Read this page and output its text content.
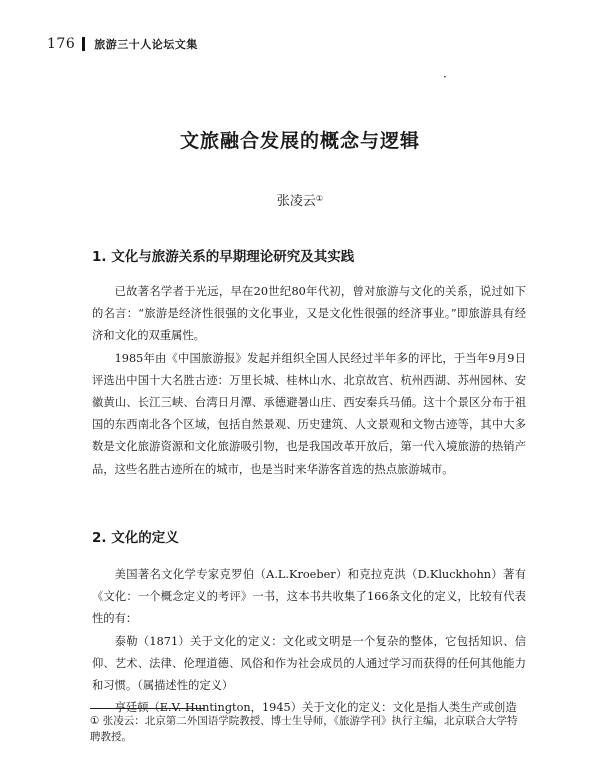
176 旅游三十人论坛文集
·
文旅融合发展的概念与逻辑
张凌云①
1. 文化与旅游关系的早期理论研究及其实践

已故著名学者于光远，早在20世纪80年代初，曾对旅游与文化的关系，说过如下的名言：“旅游是经济性很强的文化事业，又是文化性很强的经济事业。”即旅游具有经济和文化的双重属性。

1985年由《中国旅游报》发起并组织全国人民经过半年多的评比，于当年9月9日评选出中国十大名胜古迹：万里长城、桂林山水、北京故宫、杭州西湖、苏州园林、安徽黄山、长江三峡、台湾日月潭、承德避暑山庄、西安秦兵马俑。这十个景区分布于祖国的东西南北各个区域，包括自然景观、历史建筑、人文景观和文物古迹等，其中大多数是文化旅游资源和文化旅游吸引物，也是我国改革开放后，第一代入境旅游的热销产品，这些名胜古迹所在的城市，也是当时来华游客首选的热点旅游城市。

2. 文化的定义

美国著名文化学专家克罗伯（A.L.Kroeber）和克拉克洪（D.Kluckhohn）著有《文化：一个概念定义的考评》一书，这本书共收集了166条文化的定义，比较有代表性的有：

泰勒（1871）关于文化的定义：文化或文明是一个复杂的整体，它包括知识、信仰、艺术、法律、伦理道德、风俗和作为社会成员的人通过学习而获得的任何其他能力和习惯。（属描述性的定义）

亨廷顿（E.V. Huntington，1945）关于文化的定义：文化是指人类生产或创造

① 张凌云：北京第二外国语学院教授、博士生导师，《旅游学刊》执行主编，北京联合大学特聘教授。
